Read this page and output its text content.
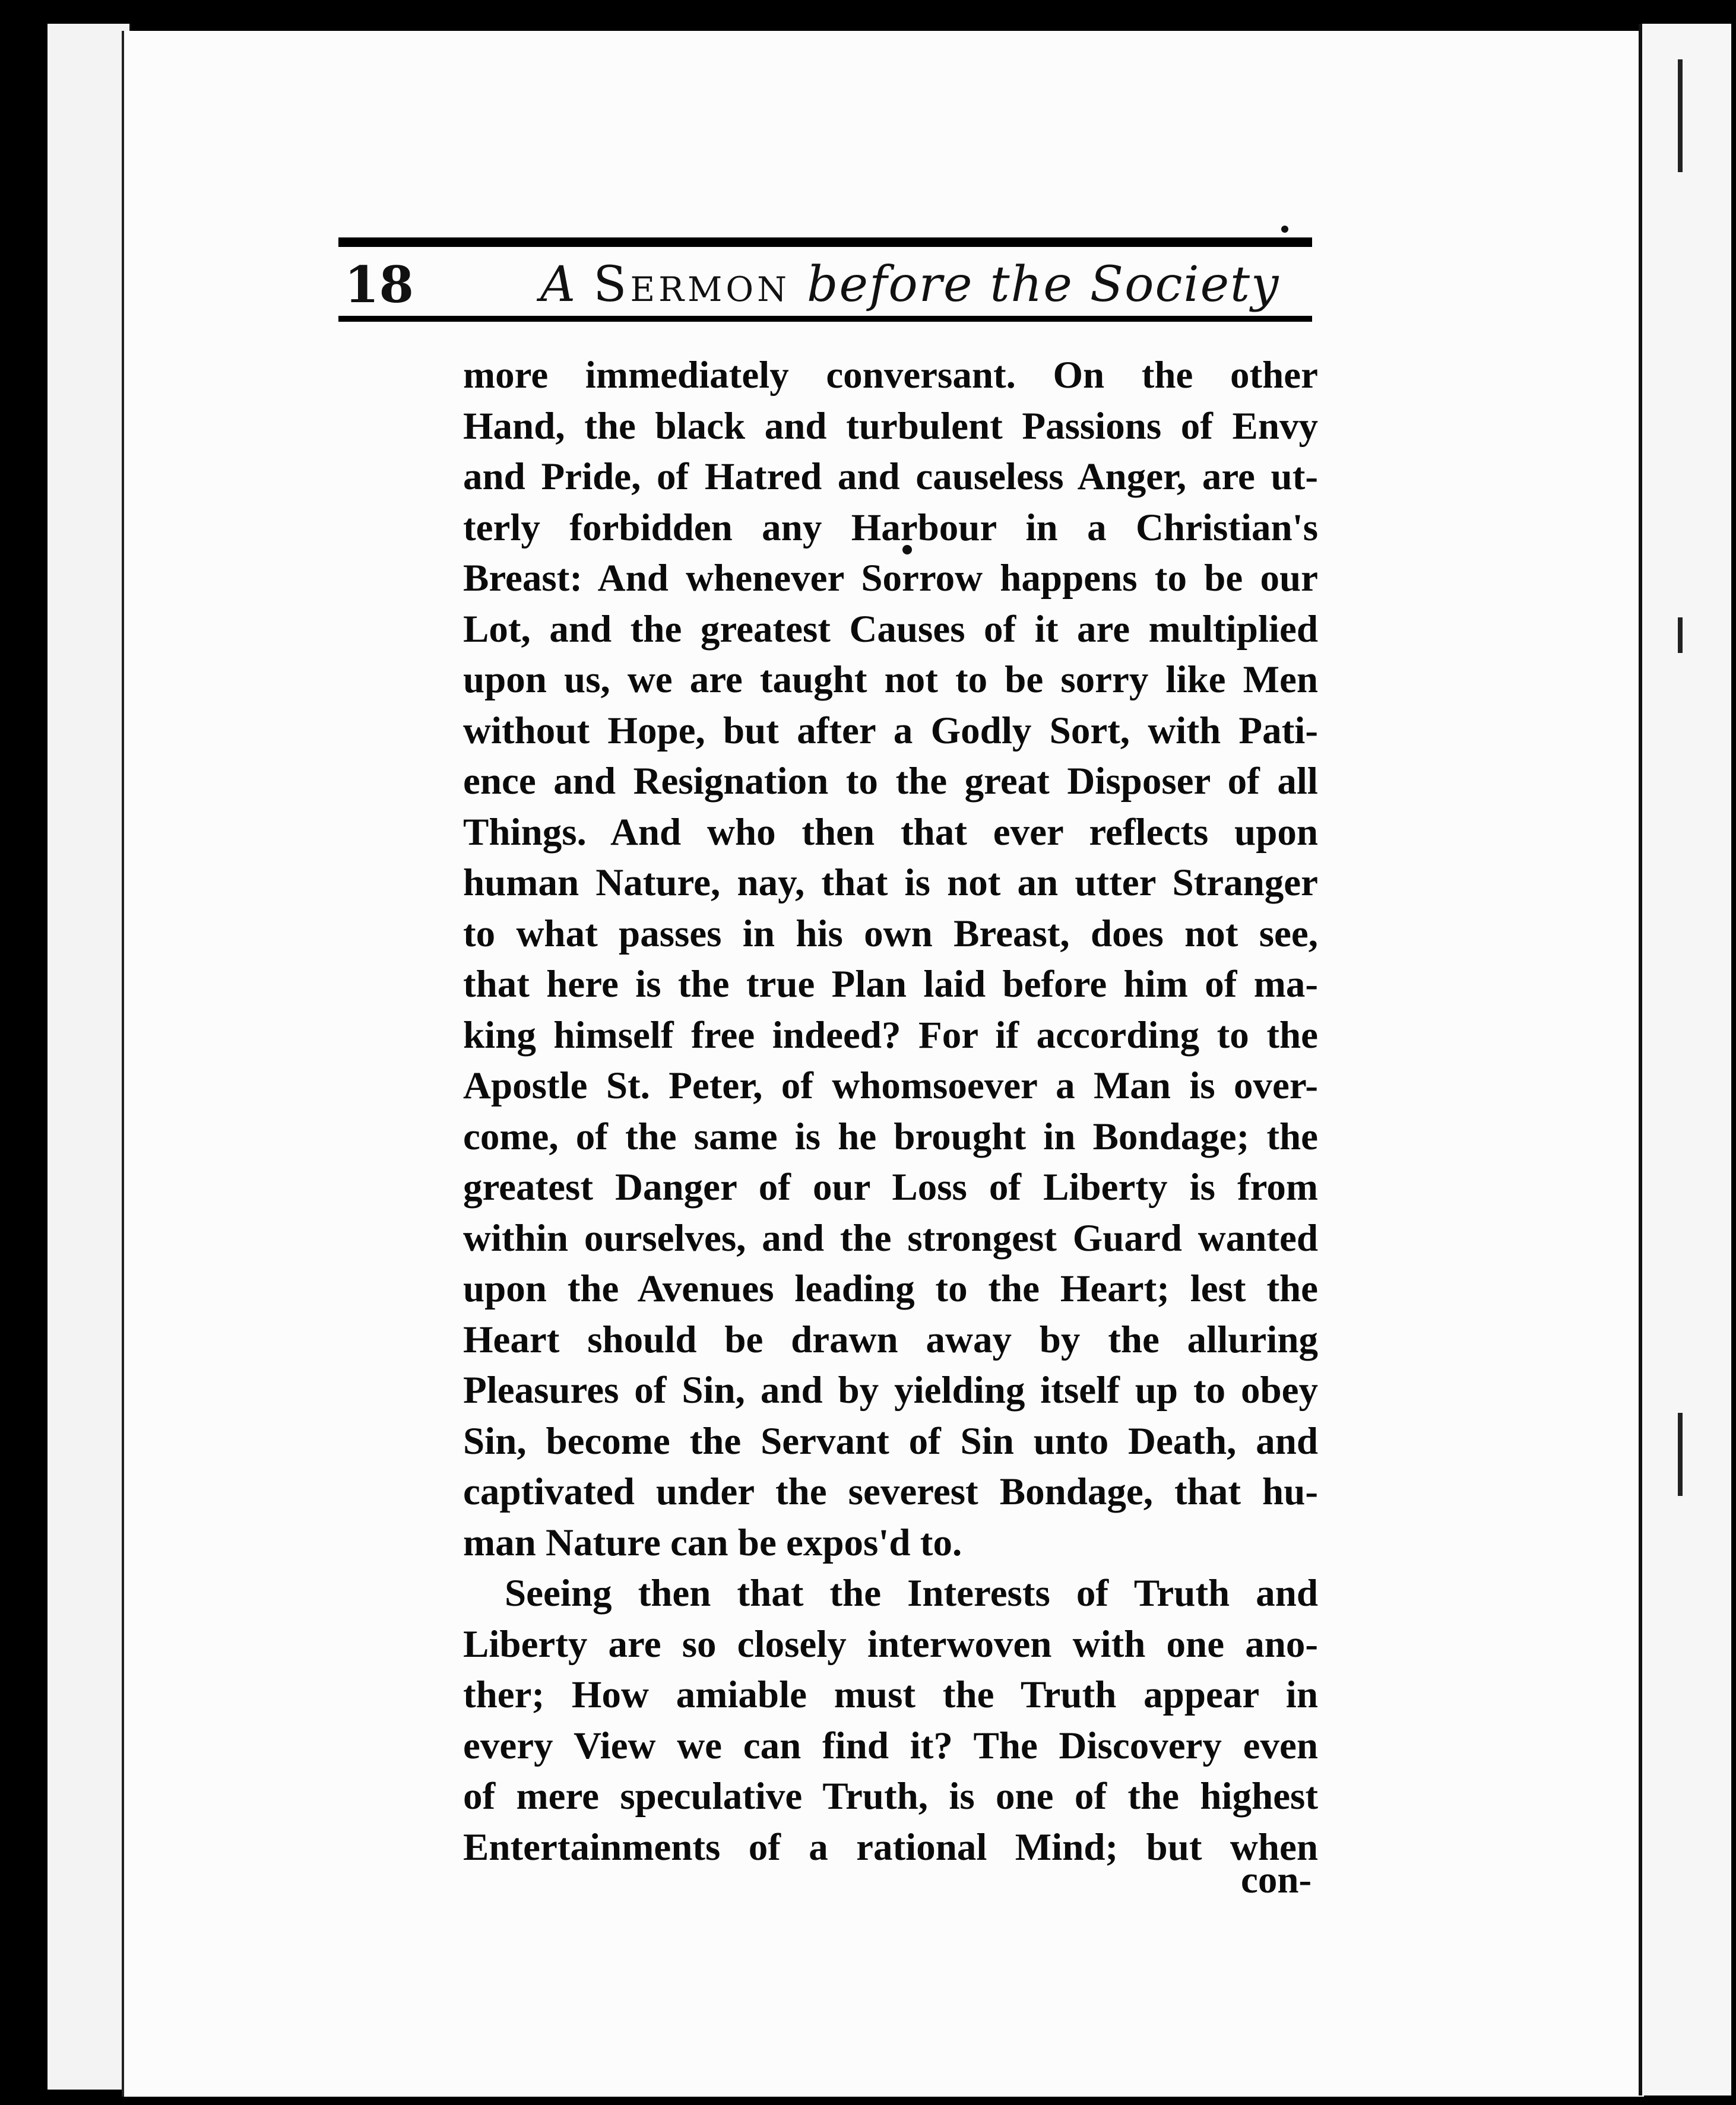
18	A Sermon before the Society
more immediately conversant. On the other
Hand, the black and turbulent Passions of Envy
and Pride, of Hatred and causeless Anger, are ut-
terly forbidden any Harbour in a Christian's
Breast: And whenever Sorrow happens to be our
Lot, and the greatest Causes of it are multiplied
upon us, we are taught not to be sorry like Men
without Hope, but after a Godly Sort, with Pati-
ence and Resignation to the great Disposer of all
Things. And who then that ever reflects upon
human Nature, nay, that is not an utter Stranger
to what passes in his own Breast, does not see,
that here is the true Plan laid before him of ma-
king himself free indeed? For if according to the
Apostle St. Peter, of whomsoever a Man is over-
come, of the same is he brought in Bondage; the
greatest Danger of our Loss of Liberty is from
within ourselves, and the strongest Guard wanted
upon the Avenues leading to the Heart; lest the
Heart should be drawn away by the alluring
Pleasures of Sin, and by yielding itself up to obey
Sin, become the Servant of Sin unto Death, and
captivated under the severest Bondage, that hu-
man Nature can be expos'd to.
Seeing then that the Interests of Truth and
Liberty are so closely interwoven with one ano-
ther; How amiable must the Truth appear in
every View we can find it? The Discovery even
of mere speculative Truth, is one of the highest
Entertainments of a rational Mind; but when
con-
